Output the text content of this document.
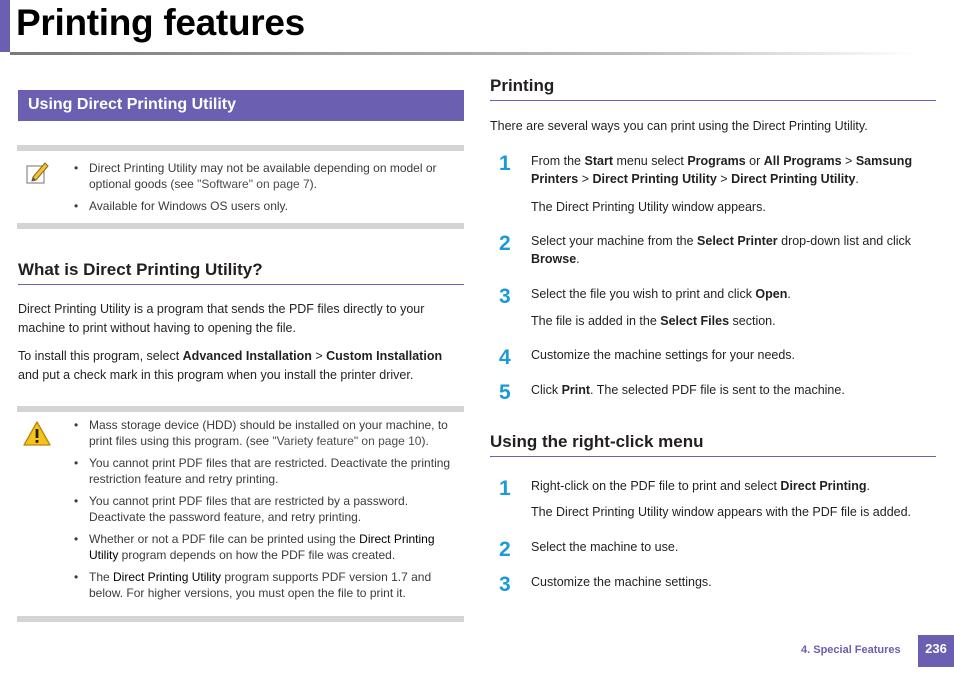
Printing features
Using Direct Printing Utility
• Direct Printing Utility may not be available depending on model or optional goods (see "Software" on page 7).
• Available for Windows OS users only.
What is Direct Printing Utility?
Direct Printing Utility is a program that sends the PDF files directly to your machine to print without having to opening the file.
To install this program, select Advanced Installation > Custom Installation
and put a check mark in this program when you install the printer driver.
• Mass storage device (HDD) should be installed on your machine, to print files using this program. (see "Variety feature" on page 10).
• You cannot print PDF files that are restricted. Deactivate the printing restriction feature and retry printing.
• You cannot print PDF files that are restricted by a password. Deactivate the password feature, and retry printing.
• Whether or not a PDF file can be printed using the Direct Printing Utility program depends on how the PDF file was created.
• The Direct Printing Utility program supports PDF version 1.7 and below. For higher versions, you must open the file to print it.
Printing
There are several ways you can print using the Direct Printing Utility.
1 From the Start menu select Programs or All Programs > Samsung Printers > Direct Printing Utility > Direct Printing Utility.
The Direct Printing Utility window appears.
2 Select your machine from the Select Printer drop-down list and click Browse.
3 Select the file you wish to print and click Open.
The file is added in the Select Files section.
4 Customize the machine settings for your needs.
5 Click Print. The selected PDF file is sent to the machine.
Using the right-click menu
1 Right-click on the PDF file to print and select Direct Printing.
The Direct Printing Utility window appears with the PDF file is added.
2 Select the machine to use.
3 Customize the machine settings.
4. Special Features	236
